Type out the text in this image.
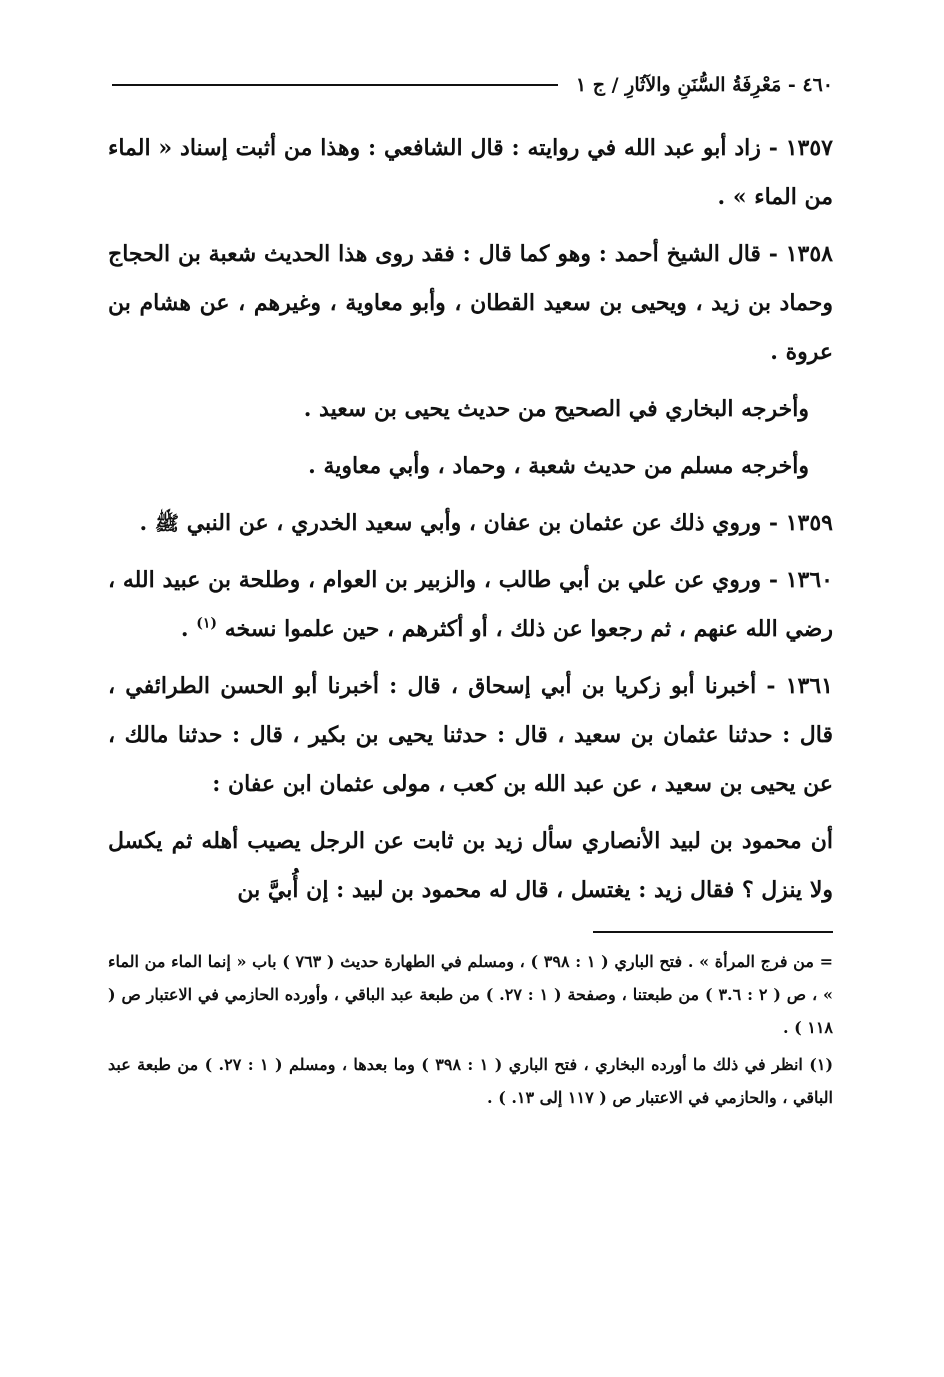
٤٦٠ - مَعْرِفَةُ السُّنَنِ والآثَارِ / ج ١

١٣٥٧ - زاد أبو عبد الله في روايته : قال الشافعي : وهذا من أثبت إسناد « الماء من الماء » .

١٣٥٨ - قال الشيخ أحمد : وهو كما قال : فقد روى هذا الحديث شعبة بن الحجاج وحماد بن زيد ، ويحيى بن سعيد القطان ، وأبو معاوية ، وغيرهم ، عن هشام بن عروة .

وأخرجه البخاري في الصحيح من حديث يحيى بن سعيد .

وأخرجه مسلم من حديث شعبة ، وحماد ، وأبي معاوية .

١٣٥٩ - وروي ذلك عن عثمان بن عفان ، وأبي سعيد الخدري ، عن النبي ﷺ .

١٣٦٠ - وروي عن علي بن أبي طالب ، والزبير بن العوام ، وطلحة بن عبيد الله ، رضي الله عنهم ، ثم رجعوا عن ذلك ، أو أكثرهم ، حين علموا نسخه $^{(١)}$ .

١٣٦١ - أخبرنا أبو زكريا بن أبي إسحاق ، قال : أخبرنا أبو الحسن الطرائفي ، قال : حدثنا عثمان بن سعيد ، قال : حدثنا يحيى بن بكير ، قال : حدثنا مالك ، عن يحيى بن سعيد ، عن عبد الله بن كعب ، مولى عثمان ابن عفان :

أن محمود بن لبيد الأنصاري سأل زيد بن ثابت عن الرجل يصيب أهله ثم يكسل ولا ينزل ؟ فقال زيد : يغتسل ، قال له محمود بن لبيد : إن أُبيَّ بن

= من فرج المرأة » . فتح الباري ( ١ : ٣٩٨ ) ، ومسلم في الطهارة حديث ( ٧٦٣ ) باب « إنما الماء من الماء » ، ص ( ٢ : ٣.٦ ) من طبعتنا ، وصفحة ( ١ : ٢٧. ) من طبعة عبد الباقي ، وأورده الحازمي في الاعتبار ص ( ١١٨ ) .

(١) انظر في ذلك ما أورده البخاري ، فتح الباري ( ١ : ٣٩٨ ) وما بعدها ، ومسلم ( ١ : ٢٧. ) من طبعة عبد الباقي ، والحازمي في الاعتبار ص ( ١١٧ إلى ١٣. ) .
